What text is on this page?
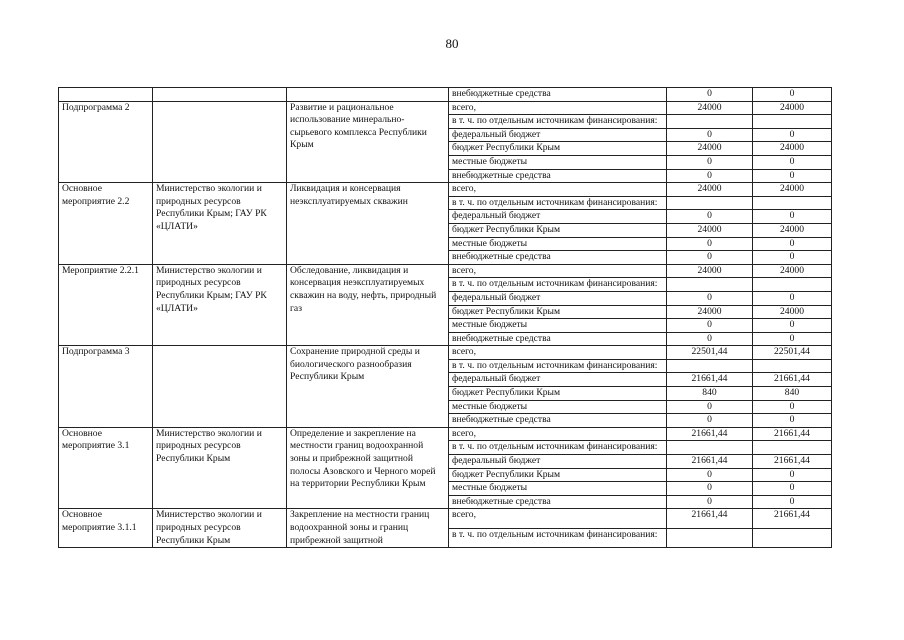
80
			внебюджетные средства	0	0
Подпрограмма 2		Развитие и рациональное использование минерально-сырьевого комплекса Республики Крым	всего,	24000	24000
			в т. ч. по отдельным источникам финансирования:		
			федеральный бюджет	0	0
			бюджет Республики Крым	24000	24000
			местные бюджеты	0	0
			внебюджетные средства	0	0

Основное мероприятие 2.2	Министерство экологии и природных ресурсов Республики Крым; ГАУ РК «ЦЛАТИ»	Ликвидация и консервация неэксплуатируемых скважин	всего,	24000	24000
			в т. ч. по отдельным источникам финансирования:		
			федеральный бюджет	0	0
			бюджет Республики Крым	24000	24000
			местные бюджеты	0	0
			внебюджетные средства	0	0

Мероприятие 2.2.1	Министерство экологии и природных ресурсов Республики Крым; ГАУ РК «ЦЛАТИ»	Обследование, ликвидация и консервация неэксплуатируемых скважин на воду, нефть, природный газ	всего,	24000	24000
			в т. ч. по отдельным источникам финансирования:		
			федеральный бюджет	0	0
			бюджет Республики Крым	24000	24000
			местные бюджеты	0	0
			внебюджетные средства	0	0

Подпрограмма 3		Сохранение природной среды и биологического разнообразия Республики Крым	всего,	22501,44	22501,44
			в т. ч. по отдельным источникам финансирования:		
			федеральный бюджет	21661,44	21661,44
			бюджет Республики Крым	840	840
			местные бюджеты	0	0
			внебюджетные средства	0	0

Основное мероприятие 3.1	Министерство экологии и природных ресурсов Республики Крым	Определение и закрепление на местности границ водоохранной зоны и прибрежной защитной полосы Азовского и Черного морей на территории Республики Крым	всего,	21661,44	21661,44
			в т. ч. по отдельным источникам финансирования:		
			федеральный бюджет	21661,44	21661,44
			бюджет Республики Крым	0	0
			местные бюджеты	0	0
			внебюджетные средства	0	0

Основное мероприятие 3.1.1	Министерство экологии и природных ресурсов Республики Крым	Закрепление на местности границ водоохранной зоны и границ прибрежной защитной	всего,	21661,44	21661,44
			в т. ч. по отдельным источникам финансирования:		
